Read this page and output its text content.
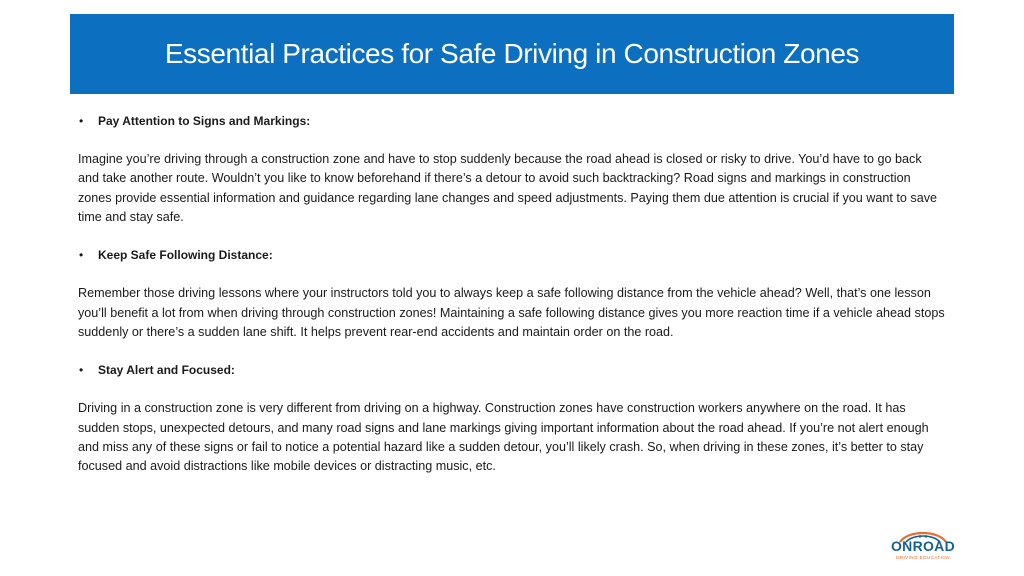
Essential Practices for Safe Driving in Construction Zones
•	Pay Attention to Signs and Markings:

Imagine you’re driving through a construction zone and have to stop suddenly because the road ahead is closed or risky to drive. You’d have to go back and take another route. Wouldn’t you like to know beforehand if there’s a detour to avoid such backtracking? Road signs and markings in construction zones provide essential information and guidance regarding lane changes and speed adjustments. Paying them due attention is crucial if you want to save time and stay safe.

•	Keep Safe Following Distance:

Remember those driving lessons where your instructors told you to always keep a safe following distance from the vehicle ahead? Well, that’s one lesson you’ll benefit a lot from when driving through construction zones! Maintaining a safe following distance gives you more reaction time if a vehicle ahead stops suddenly or there’s a sudden lane shift. It helps prevent rear-end accidents and maintain order on the road.

•	Stay Alert and Focused:

Driving in a construction zone is very different from driving on a highway. Construction zones have construction workers anywhere on the road. It has sudden stops, unexpected detours, and many road signs and lane markings giving important information about the road ahead. If you’re not alert enough and miss any of these signs or fail to notice a potential hazard like a sudden detour, you’ll likely crash. So, when driving in these zones, it’s better to stay focused and avoid distractions like mobile devices or distracting music, etc.

ONROAD
DRIVING EDUCATION
